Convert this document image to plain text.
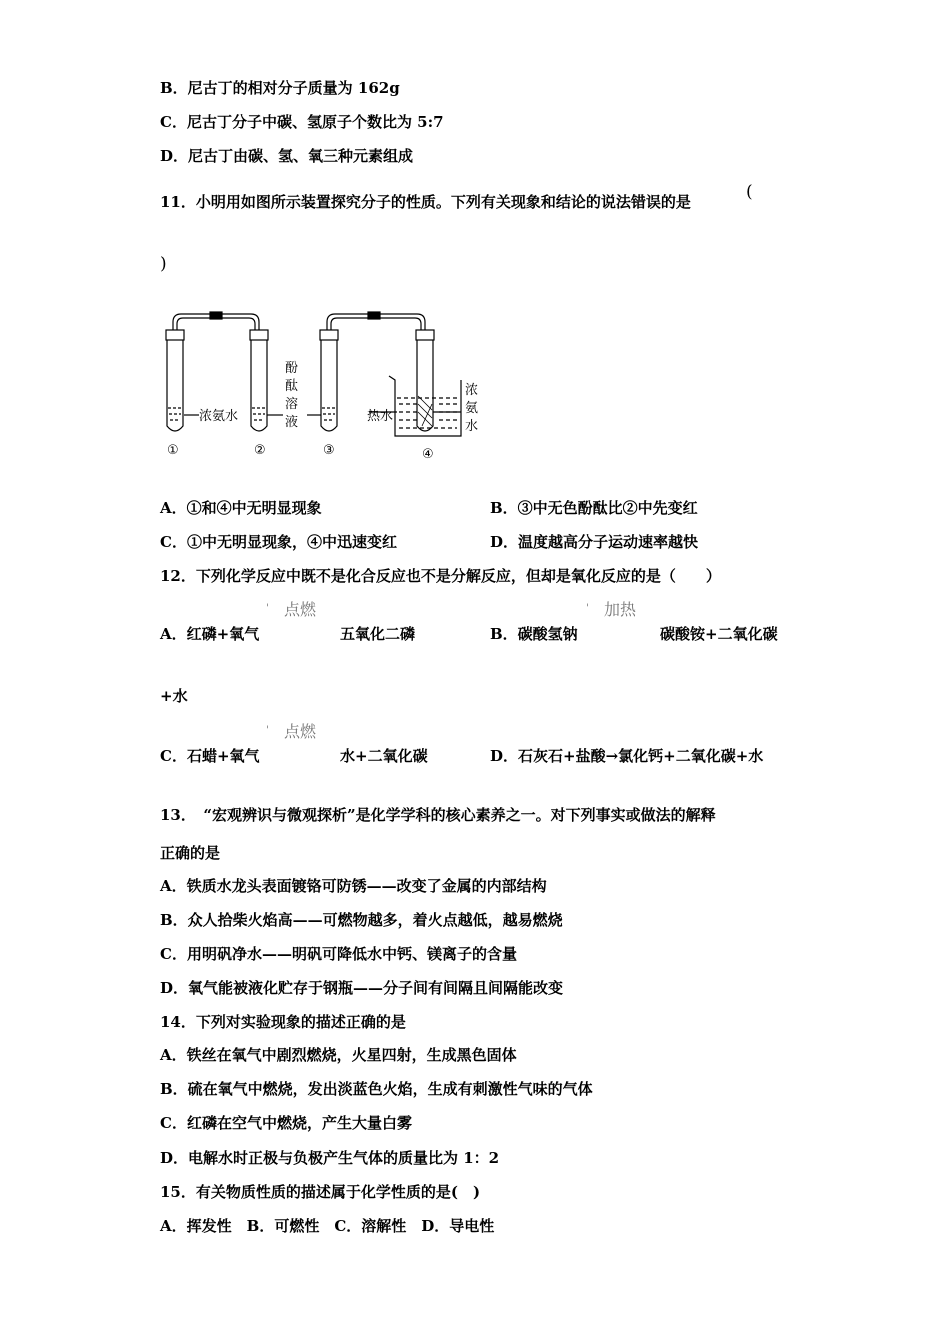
B．尼古丁的相对分子质量为 162g
C．尼古丁分子中碳、氢原子个数比为 5:7
D．尼古丁由碳、氢、氧三种元素组成
11．小明用如图所示装置探究分子的性质。下列有关现象和结论的说法错误的是	(
)
浓氨水
酚
酞
溶
液	热水
浓
氨
水
①	②	③	④
A．①和④中无明显现象	B．③中无色酚酞比②中先变红
C．①中无明显现象，④中迅速变红	D．温度越高分子运动速率越快
12．下列化学反应中既不是化合反应也不是分解反应，但却是氧化反应的是（　　）
' 点燃
A．红磷+氧气	五氧化二磷
' 加热
B．碳酸氢钠	碳酸铵+二氧化碳
+水
' 点燃
C．石蜡+氧气	水+二氧化碳	D．石灰石+盐酸→氯化钙+二氧化碳+水
13．　“宏观辨识与微观探析”是化学学科的核心素养之一。对下列事实或做法的解释
正确的是
A．铁质水龙头表面镀铬可防锈——改变了金属的内部结构
B．众人拾柴火焰高——可燃物越多，着火点越低，越易燃烧
C．用明矾净水——明矾可降低水中钙、镁离子的含量
D．氧气能被液化贮存于钢瓶——分子间有间隔且间隔能改变
14．下列对实验现象的描述正确的是
A．铁丝在氧气中剧烈燃烧，火星四射，生成黑色固体
B．硫在氧气中燃烧，发出淡蓝色火焰，生成有刺激性气味的气体
C．红磷在空气中燃烧，产生大量白雾
D．电解水时正极与负极产生气体的质量比为 1：2
15．有关物质性质的描述属于化学性质的是(　)
A．挥发性　B．可燃性　C．溶解性　D．导电性
